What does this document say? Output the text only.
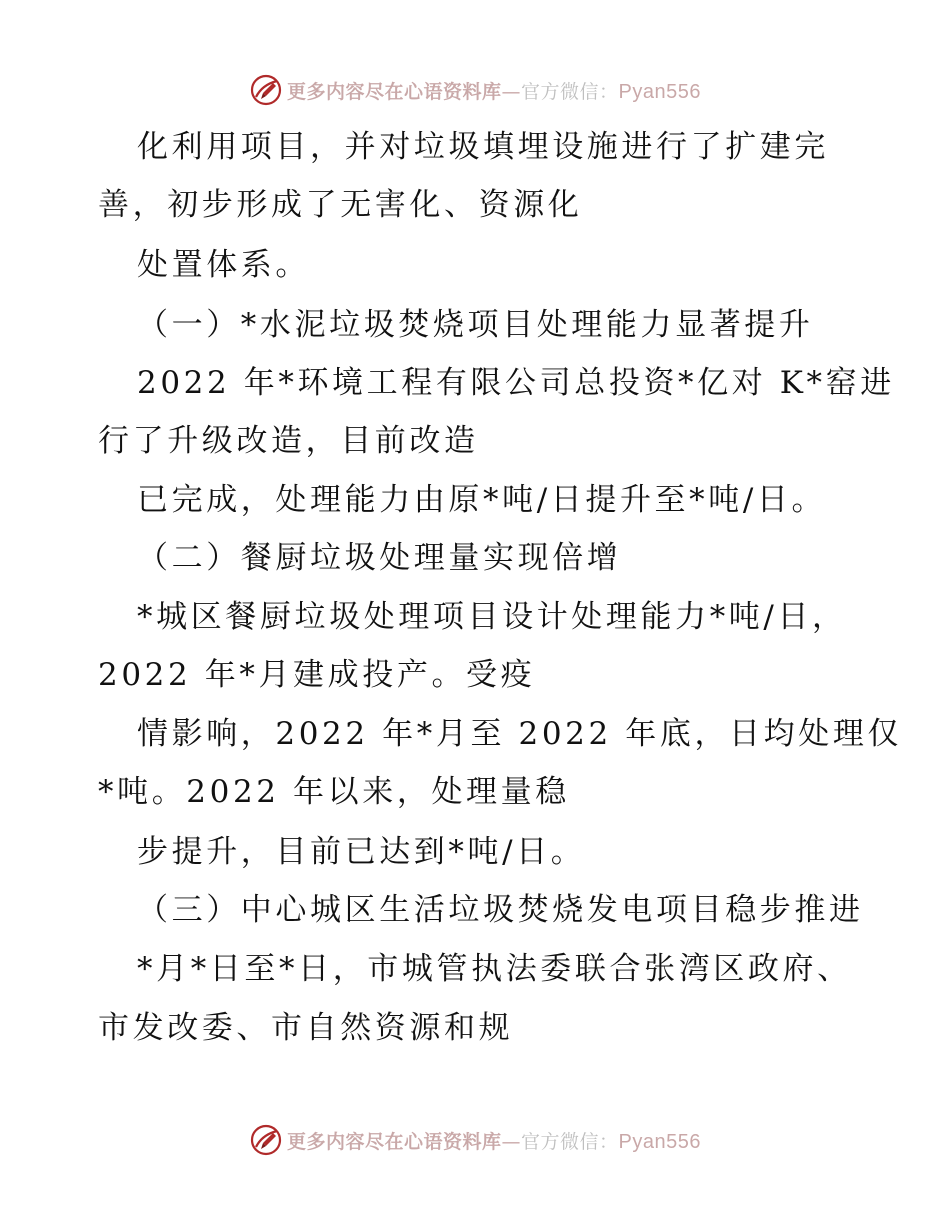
更多内容尽在心语资料库—官方微信：Pyan556
化利用项目，并对垃圾填埋设施进行了扩建完
善，初步形成了无害化、资源化
处置体系。
（一）*水泥垃圾焚烧项目处理能力显著提升
2022 年*环境工程有限公司总投资*亿对 K*窑进
行了升级改造，目前改造
已完成，处理能力由原*吨/日提升至*吨/日。
（二）餐厨垃圾处理量实现倍增
*城区餐厨垃圾处理项目设计处理能力*吨/日，
2022 年*月建成投产。受疫
情影响，2022 年*月至 2022 年底，日均处理仅
*吨。2022 年以来，处理量稳
步提升，目前已达到*吨/日。
（三）中心城区生活垃圾焚烧发电项目稳步推进
*月*日至*日，市城管执法委联合张湾区政府、
市发改委、市自然资源和规
更多内容尽在心语资料库—官方微信：Pyan556
